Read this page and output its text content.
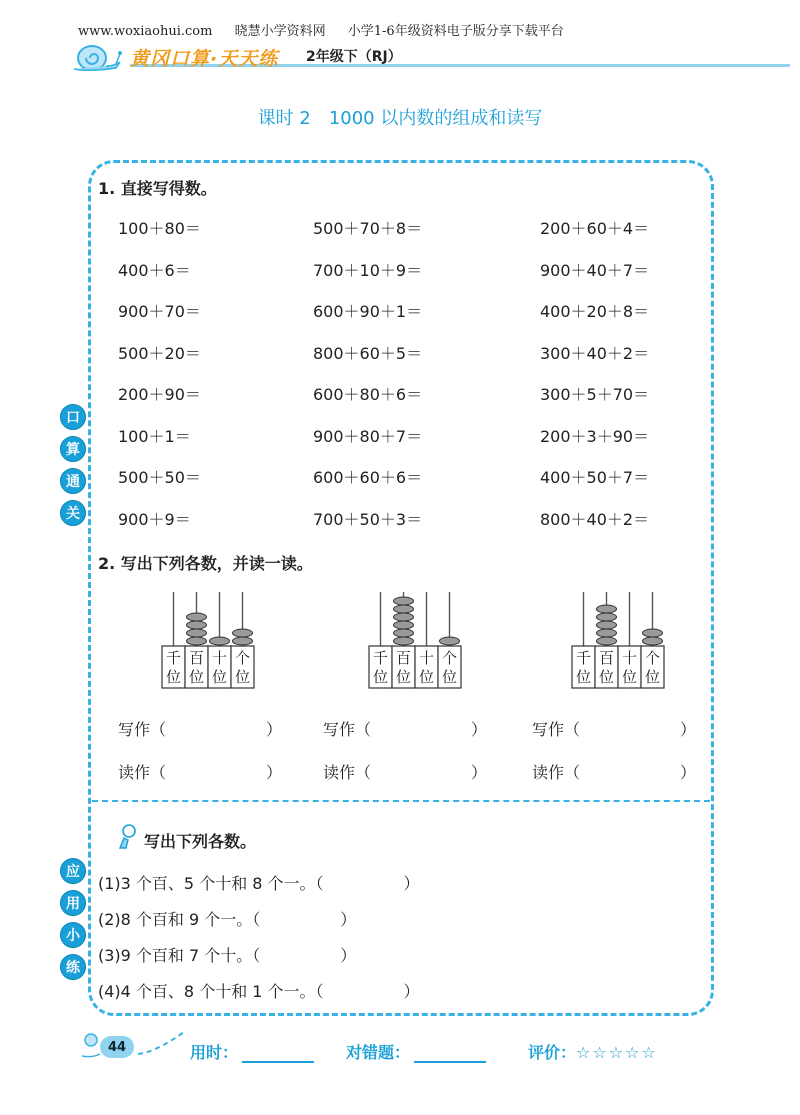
www.woxiaohui.com 晓慧小学资料网 小学1-6年级资料电子版分享下载平台
黄冈口算·天天练 2年级下（RJ）
课时 2　1000 以内数的组成和读写
口
算
通
关
应
用
小
练
1. 直接写得数。
100＋80＝	500＋70＋8＝	200＋60＋4＝
400＋6＝	700＋10＋9＝	900＋40＋7＝
900＋70＝	600＋90＋1＝	400＋20＋8＝
500＋20＝	800＋60＋5＝	300＋40＋2＝
200＋90＝	600＋80＋6＝	300＋5＋70＝
100＋1＝	900＋80＋7＝	200＋3＋90＝
500＋50＝	600＋60＋6＝	400＋50＋7＝
900＋9＝	700＋50＋3＝	800＋40＋2＝
2. 写出下列各数，并读一读。
千
位
百
位
十
位
个
位
千
位
百
位
十
位
个
位
千
位
百
位
十
位
个
位
写作（	）	写作（	）	写作（	）
读作（	）	读作（	）	读作（	）
写出下列各数。
(1)3 个百、5 个十和 8 个一。（　　　　　）
(2)8 个百和 9 个一。（　　　　　）
(3)9 个百和 7 个十。（　　　　　）
(4)4 个百、8 个十和 1 个一。（　　　　　）
44	用时：	对错题：	评价：☆☆☆☆☆
